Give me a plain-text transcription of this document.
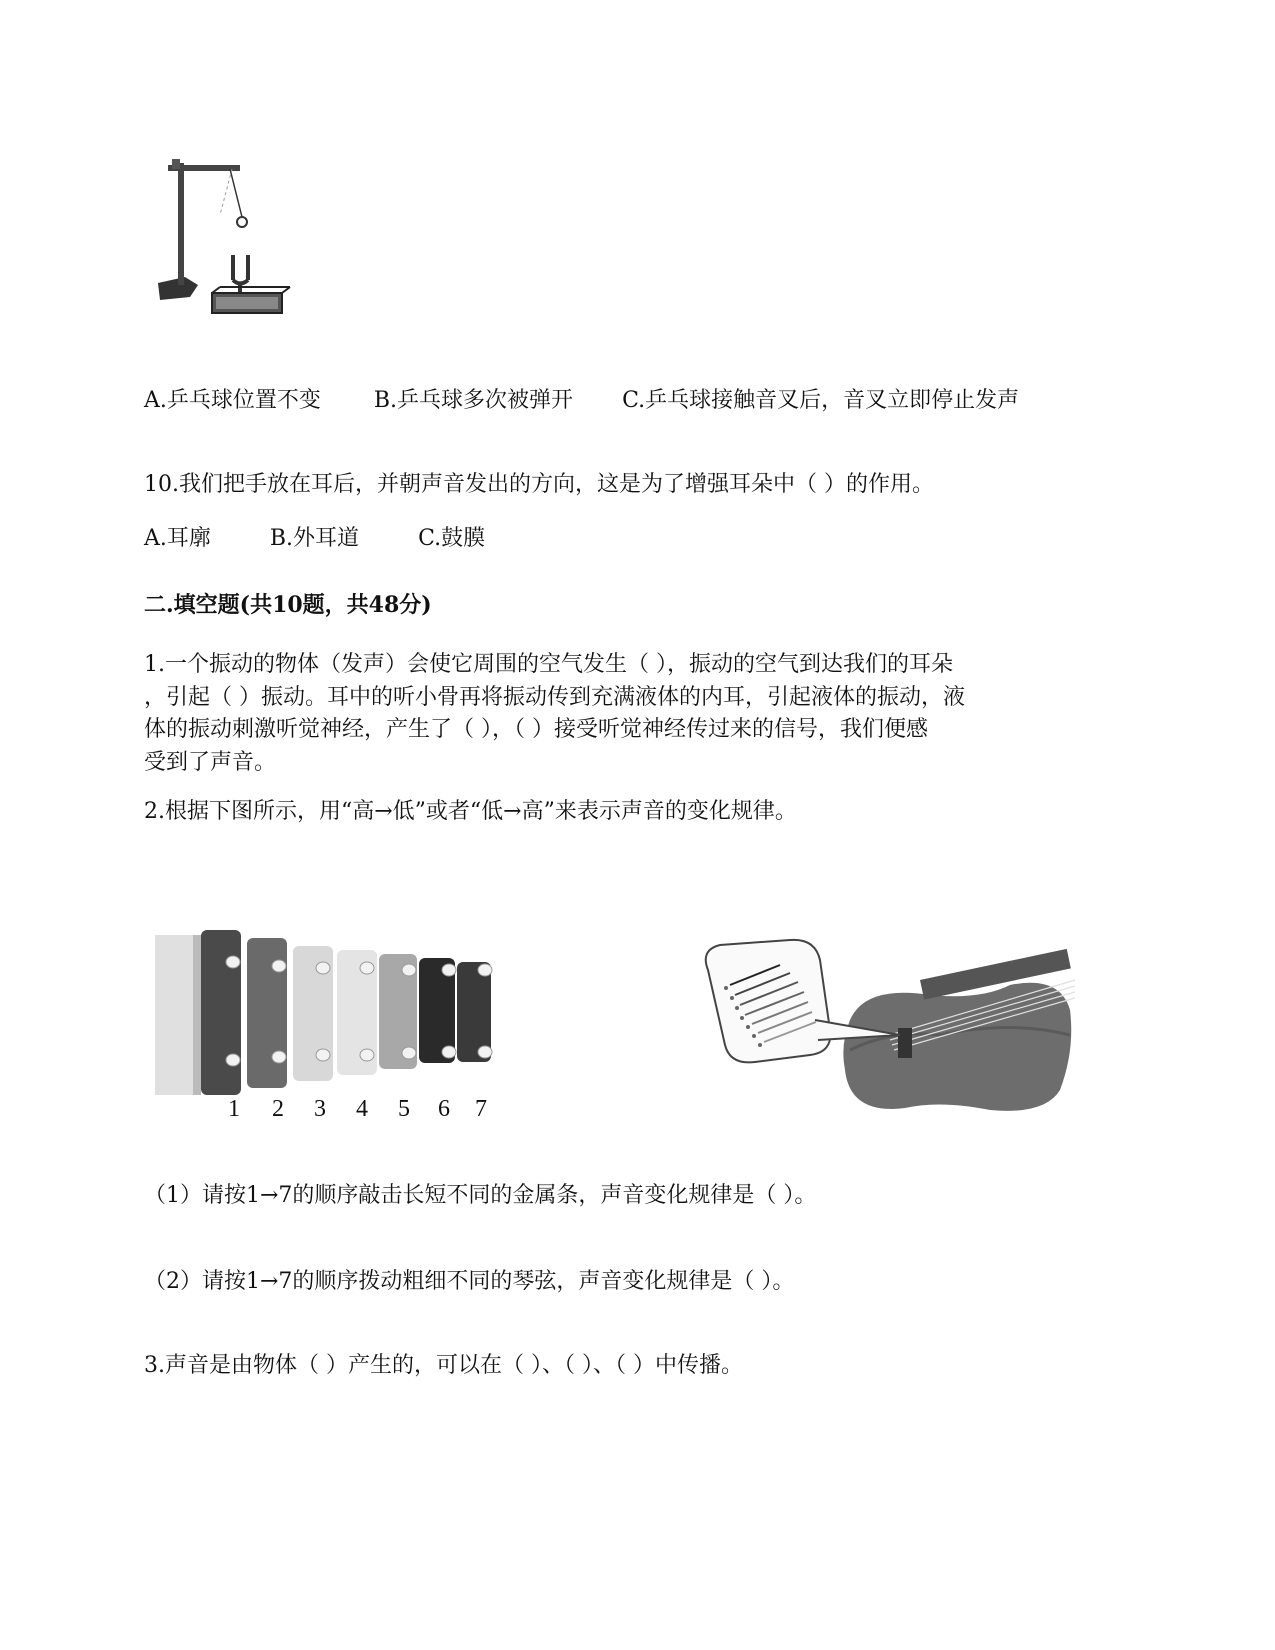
A.乒乓球位置不变 B.乒乓球多次被弹开 C.乒乓球接触音叉后，音叉立即停止发声
10.我们把手放在耳后，并朝声音发出的方向，这是为了增强耳朵中（ ）的作用。
A.耳廓	B.外耳道	C.鼓膜
二.填空题(共10题，共48分)
1.一个振动的物体（发声）会使它周围的空气发生（ ），振动的空气到达我们的耳朵
，引起（ ）振动。耳中的听小骨再将振动传到充满液体的内耳，引起液体的振动，液
体的振动刺激听觉神经，产生了（ ），（ ）接受听觉神经传过来的信号，我们便感
受到了声音。
2.根据下图所示，用“高→低”或者“低→高”来表示声音的变化规律。
1 2 3 4 5 6 7
（1）请按1→7的顺序敲击长短不同的金属条，声音变化规律是（ ）。
（2）请按1→7的顺序拨动粗细不同的琴弦，声音变化规律是（ ）。
3.声音是由物体（ ）产生的，可以在（ ）、（ ）、（ ）中传播。
